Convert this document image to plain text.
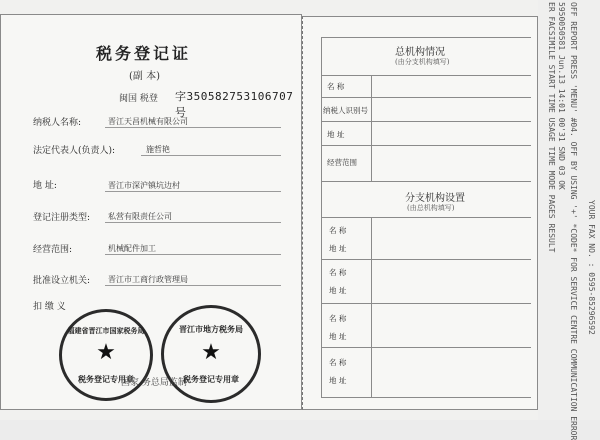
税务登记证
(副 本)
闽国 税登 字350582753106707号
纳税人名称:	晋江天昌机械有限公司
法定代表人(负责人):	施哲艳
地 址:	晋江市深沪镇坑边村
登记注册类型: 私营有限责任公司
经营范围:	机械配件加工
批准设立机关: 晋江市工商行政管理局
扣 缴 义
福建省晋江市国家税务局
★
税务登记专用章
晋江市地方税务局
★
税务登记专用章
国家 务总局监制
总机构情况
(由分支机构填写)
名 称
纳税人识别号
地 址
经营范围
分支机构设置
(由总机构填写)
名 称
地 址
名 称
地 址
名 称
地 址
名 称
地 址
ER FACSIMILE START TIME USAGE TIME MODE PAGES RESULT 5950050581 Jun.13 14:01 00'31 SND 03 OK OFF REPORT PRESS 'MENU' #04. OFF BY USING '+' *CODE* FOR SERVICE CENTRE COMMUNICATION ERROR YOUR FAX NO. : 0595-85296592
